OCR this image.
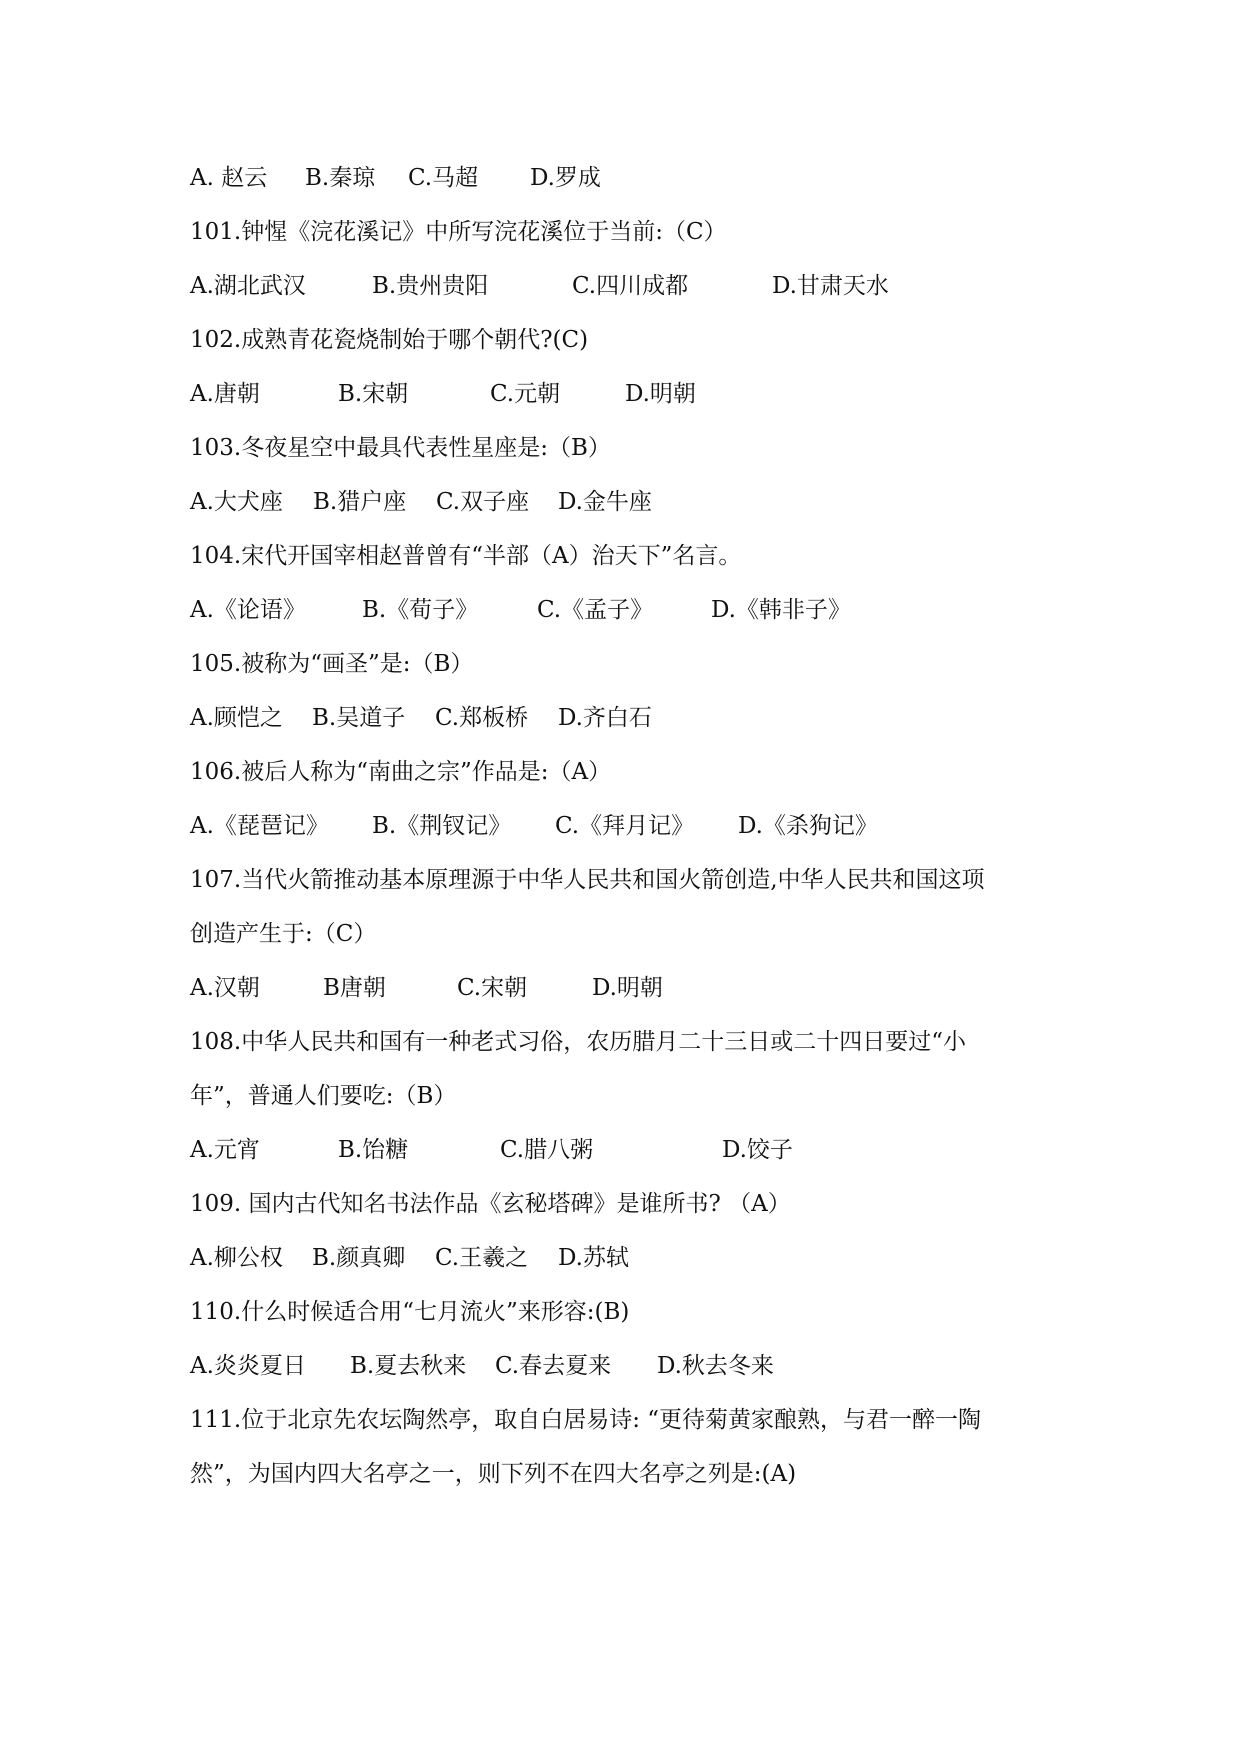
A. 赵云

B.秦琼

C.马超

D.罗成

101.钟惺《浣花溪记》中所写浣花溪位于当前:（C）

A.湖北武汉

	B.贵州贵阳

	C.四川成都

	D.甘肃天水

102.成熟青花瓷烧制始于哪个朝代?(C)

A.唐朝

	B.宋朝

	C.元朝

	D.明朝

103.冬夜星空中最具代表性星座是:（B）

A.大犬座

B.猎户座

C.双子座

D.金牛座

104.宋代开国宰相赵普曾有“半部（A）治天下”名言。

A.《论语》

B.《荀子》

	C.《孟子》

	D.《韩非子》

105.被称为“画圣”是:（B）

A.顾恺之

B.吴道子

C.郑板桥

D.齐白石

106.被后人称为“南曲之宗”作品是:（A）

A.《琵琶记》

B.《荆钗记》

C.《拜月记》

D.《杀狗记》

107.当代火箭推动基本原理源于中华人民共和国火箭创造,中华人民共和国这项
创造产生于:（C）

A.汉朝

	B唐朝

	C.宋朝

	D.明朝

108.中华人民共和国有一种老式习俗，农历腊月二十三日或二十四日要过“小
年”，普通人们要吃:（B）

A.元宵

	B.饴糖

	C.腊八粥

	D.饺子

109. 国内古代知名书法作品《玄秘塔碑》是谁所书? （A）

A.柳公权

B.颜真卿

C.王羲之

D.苏轼

110.什么时候适合用“七月流火”来形容:(B)

A.炎炎夏日

B.夏去秋来

C.春去夏来

D.秋去冬来

111.位于北京先农坛陶然亭，取自白居易诗: “更待菊黄家酿熟，与君一醉一陶
然”，为国内四大名亭之一，则下列不在四大名亭之列是:(A)
